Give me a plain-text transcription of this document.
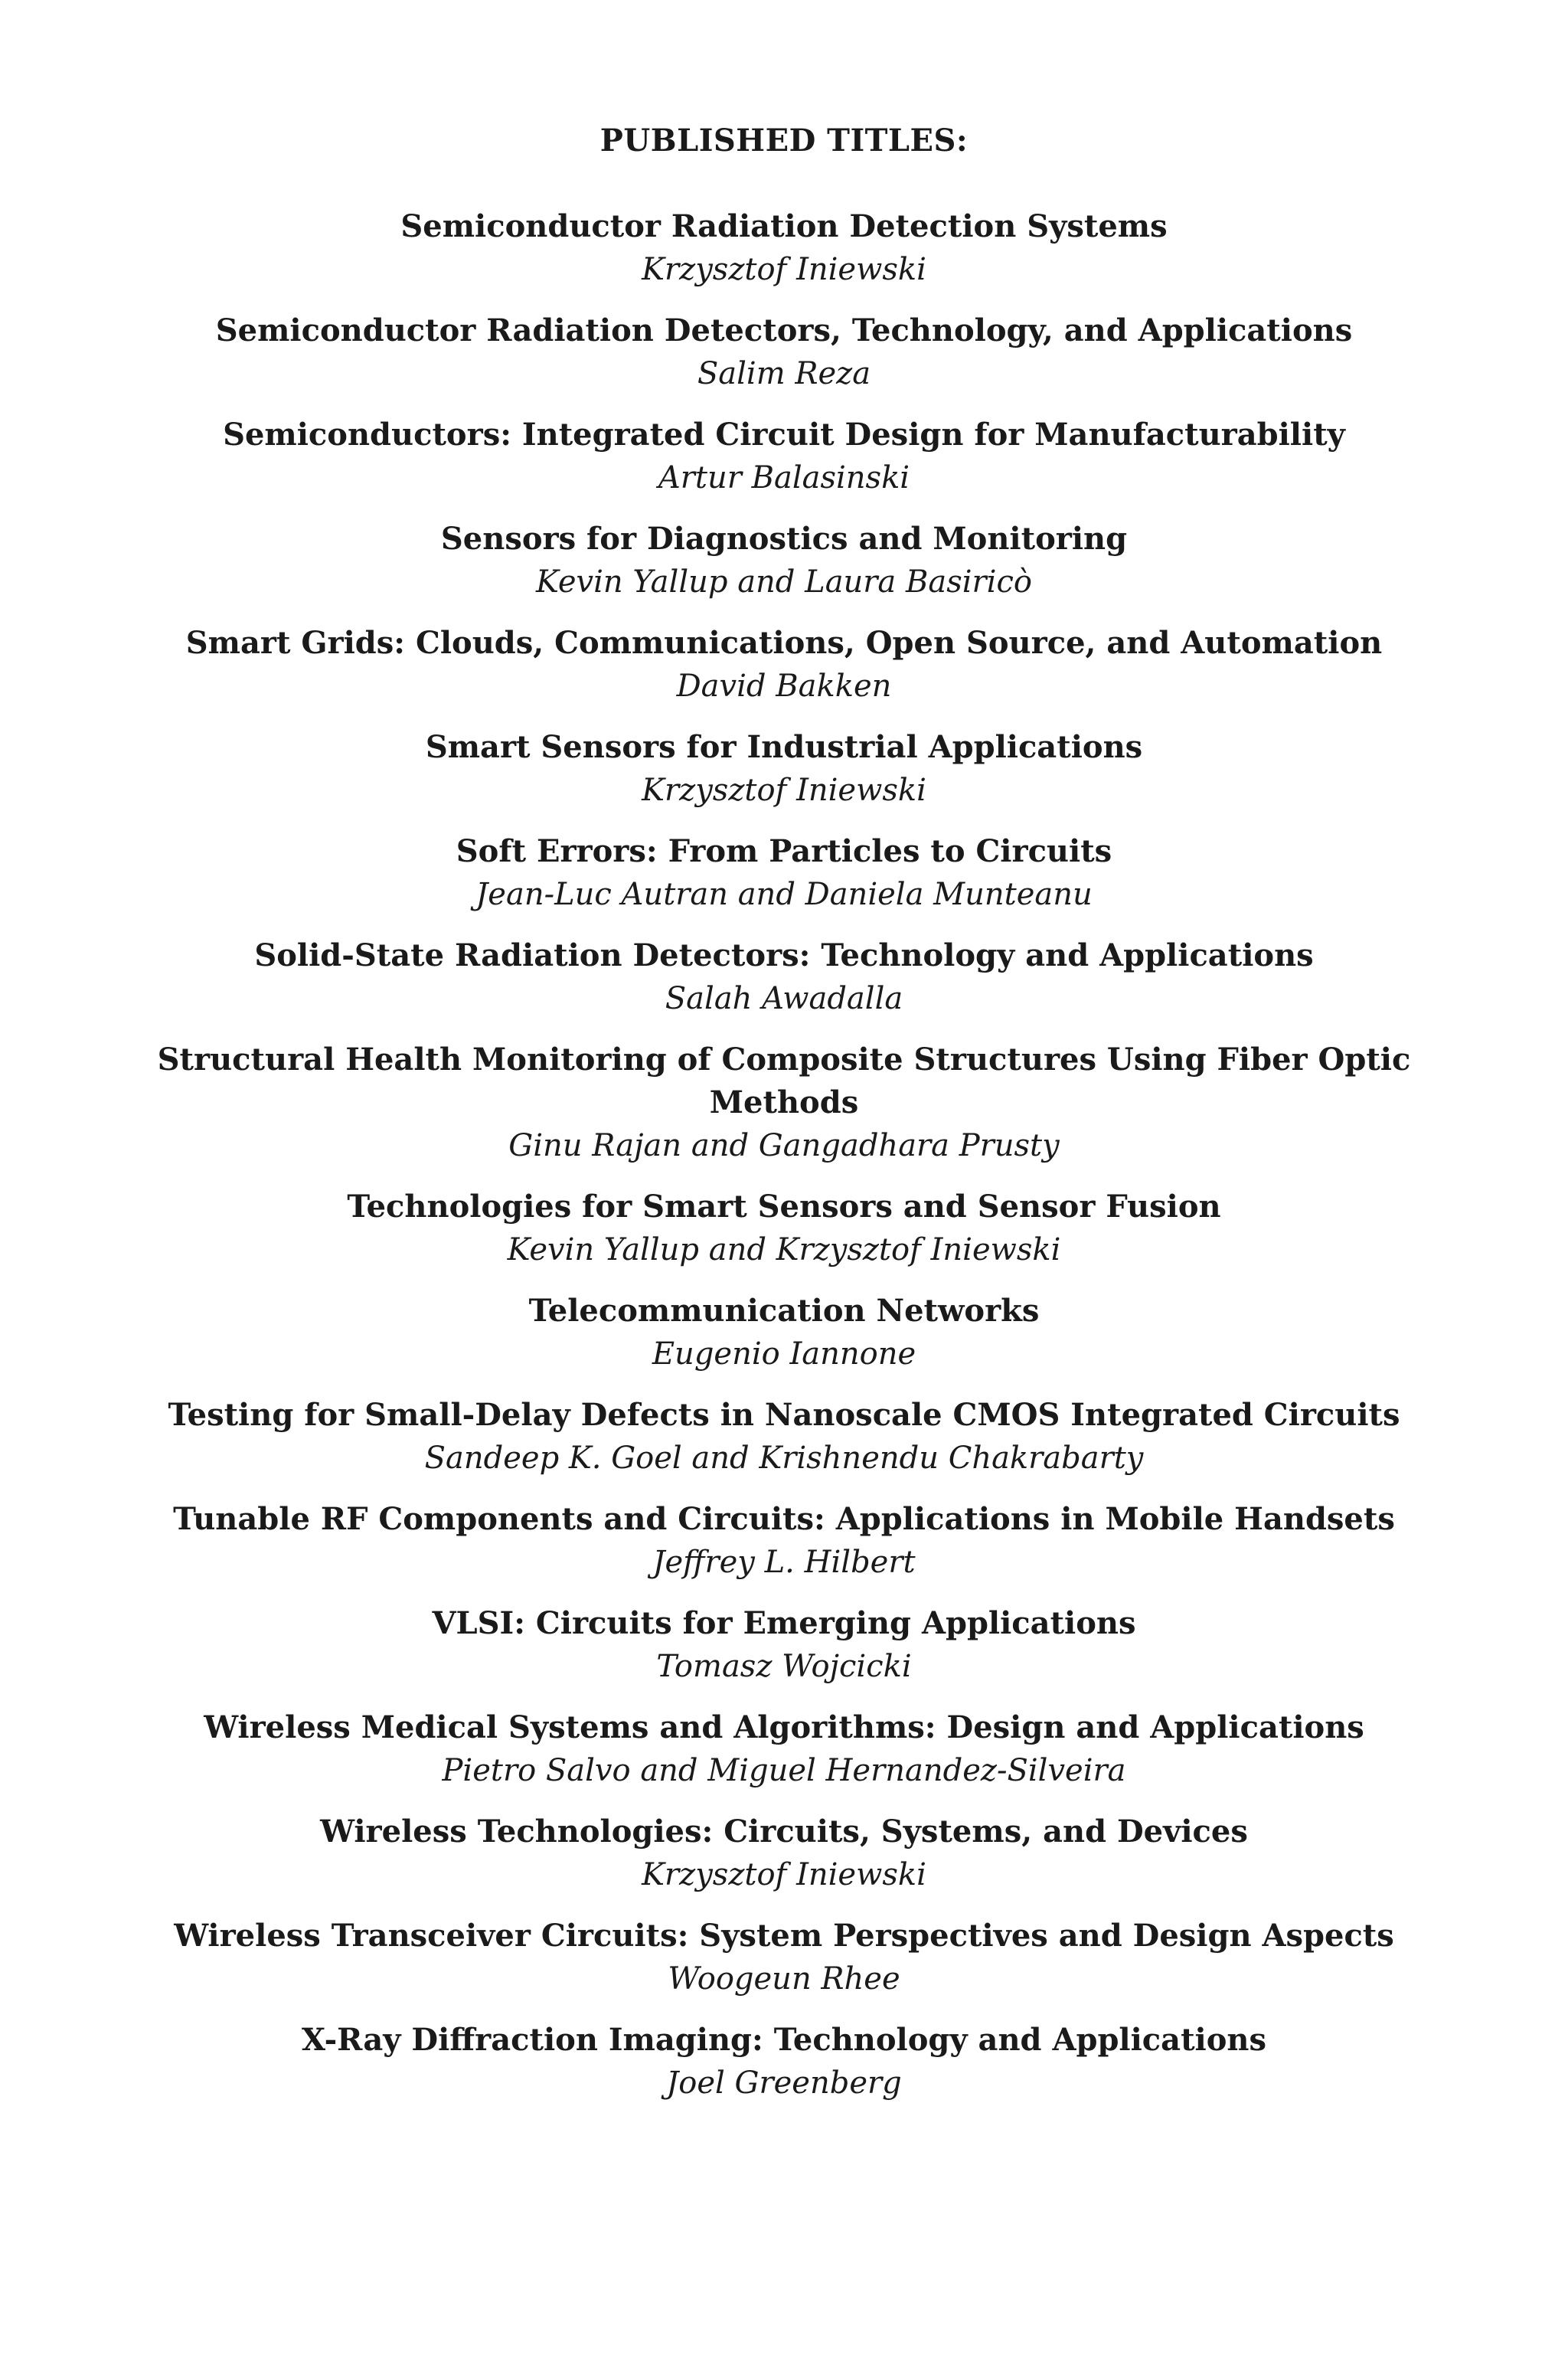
PUBLISHED TITLES:
Semiconductor Radiation Detection Systems
Krzysztof Iniewski
Semiconductor Radiation Detectors, Technology, and Applications
Salim Reza
Semiconductors: Integrated Circuit Design for Manufacturability
Artur Balasinski
Sensors for Diagnostics and Monitoring
Kevin Yallup and Laura Basiricò
Smart Grids: Clouds, Communications, Open Source, and Automation
David Bakken
Smart Sensors for Industrial Applications
Krzysztof Iniewski
Soft Errors: From Particles to Circuits
Jean-Luc Autran and Daniela Munteanu
Solid-State Radiation Detectors: Technology and Applications
Salah Awadalla
Structural Health Monitoring of Composite Structures Using Fiber Optic Methods
Ginu Rajan and Gangadhara Prusty
Technologies for Smart Sensors and Sensor Fusion
Kevin Yallup and Krzysztof Iniewski
Telecommunication Networks
Eugenio Iannone
Testing for Small-Delay Defects in Nanoscale CMOS Integrated Circuits
Sandeep K. Goel and Krishnendu Chakrabarty
Tunable RF Components and Circuits: Applications in Mobile Handsets
Jeffrey L. Hilbert
VLSI: Circuits for Emerging Applications
Tomasz Wojcicki
Wireless Medical Systems and Algorithms: Design and Applications
Pietro Salvo and Miguel Hernandez-Silveira
Wireless Technologies: Circuits, Systems, and Devices
Krzysztof Iniewski
Wireless Transceiver Circuits: System Perspectives and Design Aspects
Woogeun Rhee
X-Ray Diffraction Imaging: Technology and Applications
Joel Greenberg
